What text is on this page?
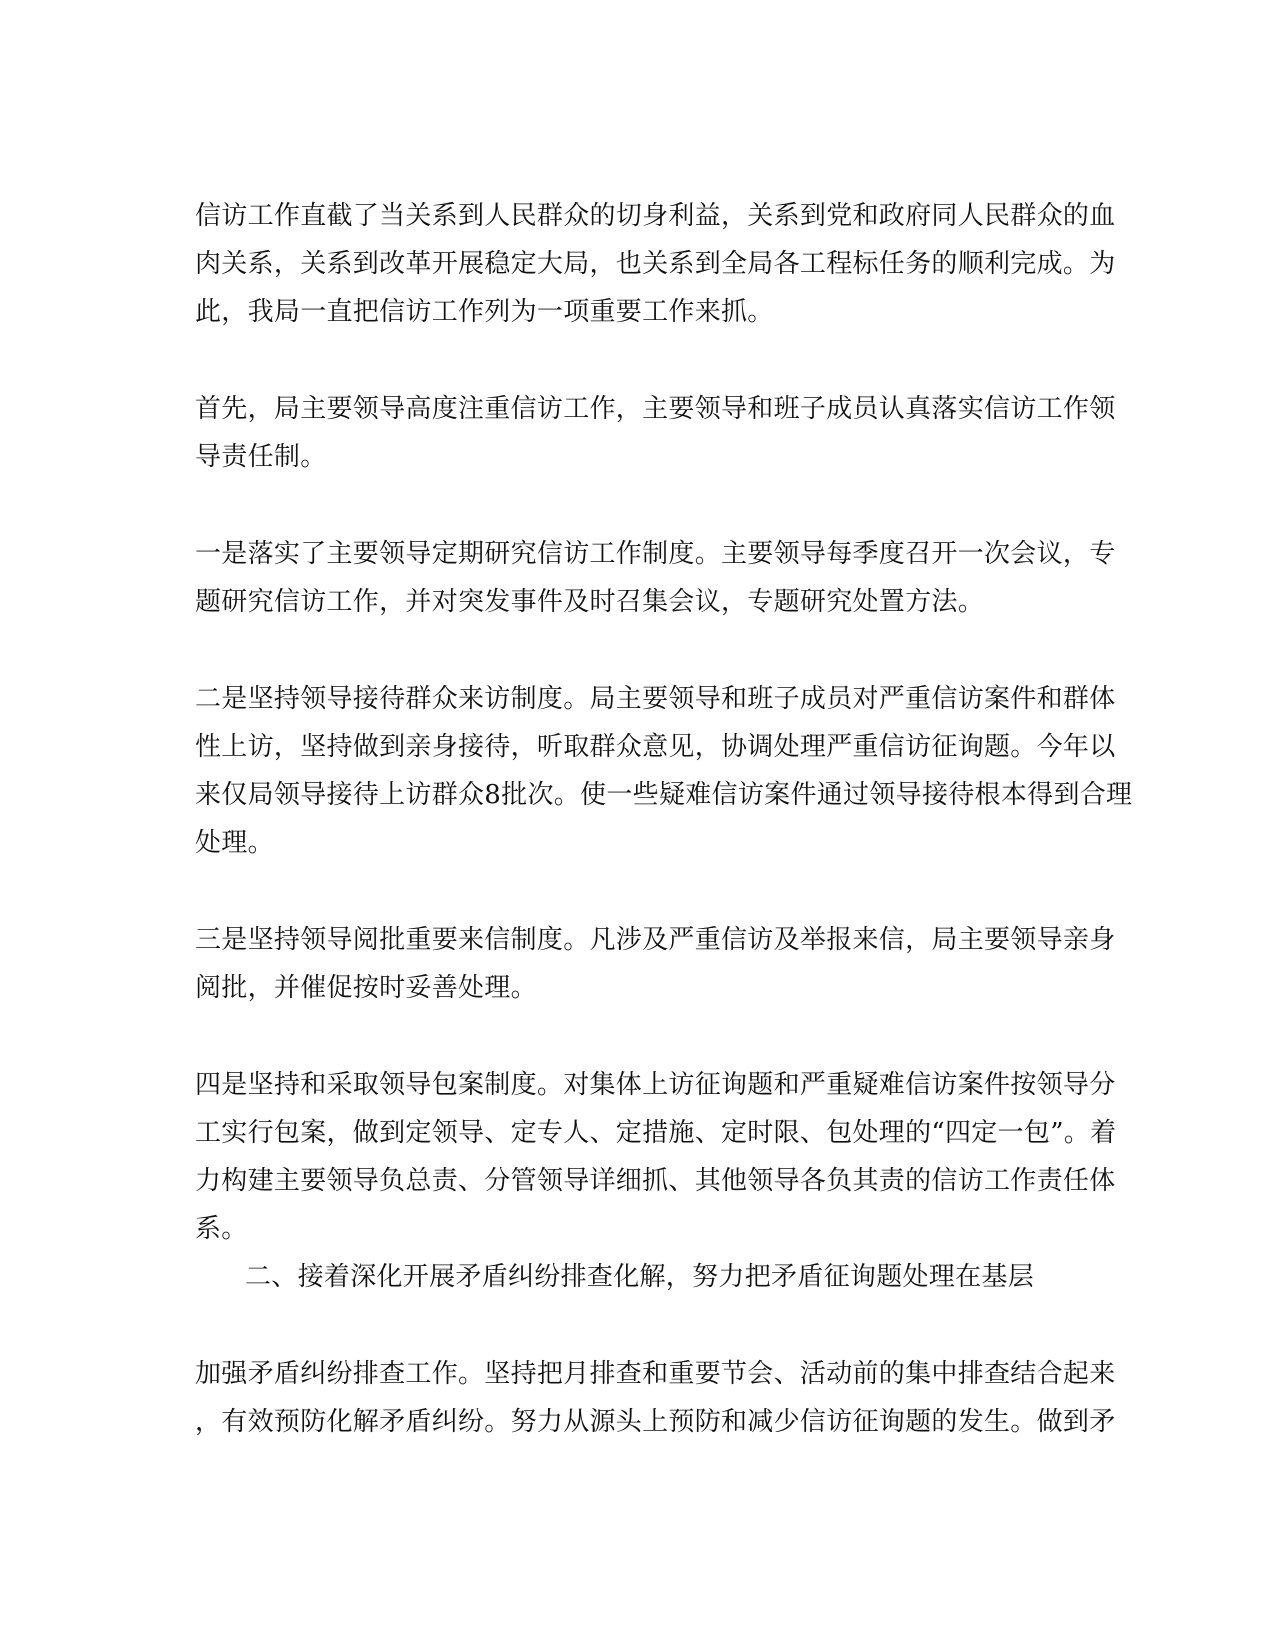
信访工作直截了当关系到人民群众的切身利益，关系到党和政府同人民群众的血
肉关系，关系到改革开展稳定大局，也关系到全局各工程标任务的顺利完成。为
此，我局一直把信访工作列为一项重要工作来抓。
首先，局主要领导高度注重信访工作，主要领导和班子成员认真落实信访工作领
导责任制。
一是落实了主要领导定期研究信访工作制度。主要领导每季度召开一次会议，专
题研究信访工作，并对突发事件及时召集会议，专题研究处置方法。
二是坚持领导接待群众来访制度。局主要领导和班子成员对严重信访案件和群体
性上访，坚持做到亲身接待，听取群众意见，协调处理严重信访征询题。今年以
来仅局领导接待上访群众8批次。使一些疑难信访案件通过领导接待根本得到合理
处理。
三是坚持领导阅批重要来信制度。凡涉及严重信访及举报来信，局主要领导亲身
阅批，并催促按时妥善处理。
四是坚持和采取领导包案制度。对集体上访征询题和严重疑难信访案件按领导分
工实行包案，做到定领导、定专人、定措施、定时限、包处理的“四定一包”。着
力构建主要领导负总责、分管领导详细抓、其他领导各负其责的信访工作责任体
系。
二、接着深化开展矛盾纠纷排查化解，努力把矛盾征询题处理在基层
加强矛盾纠纷排查工作。坚持把月排查和重要节会、活动前的集中排查结合起来
，有效预防化解矛盾纠纷。努力从源头上预防和减少信访征询题的发生。做到矛
